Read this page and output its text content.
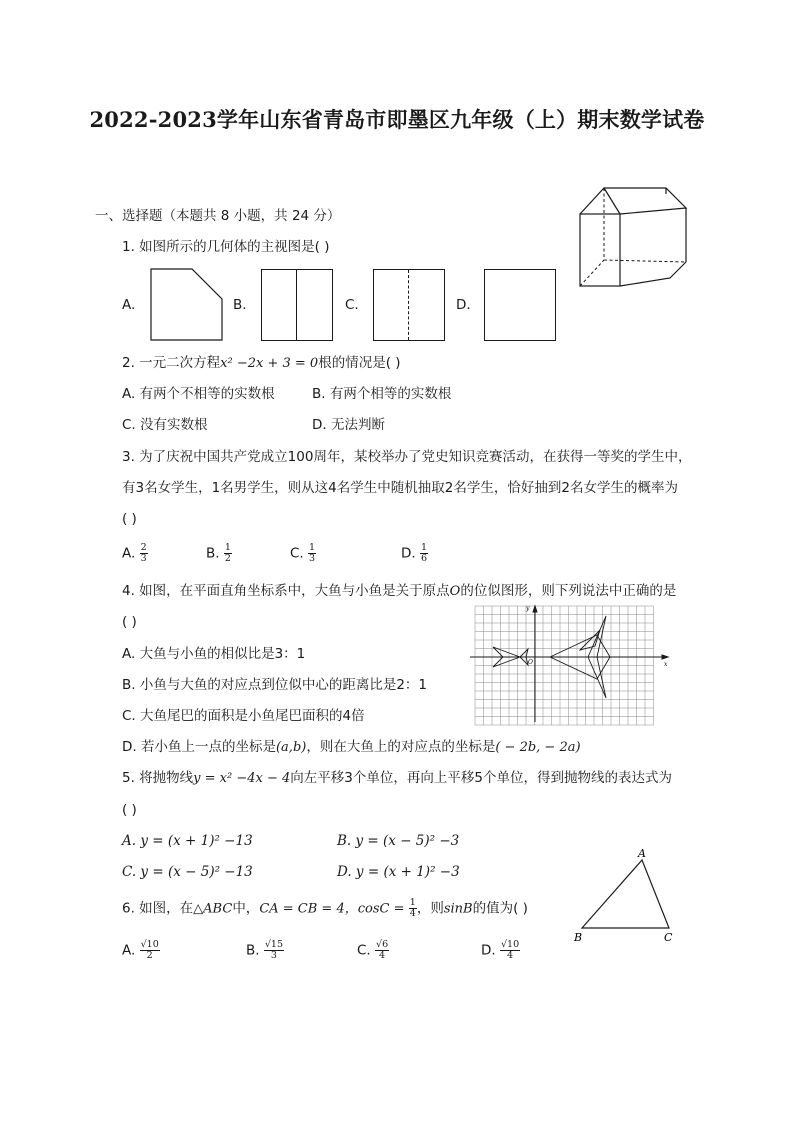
2022-2023学年山东省青岛市即墨区九年级（上）期末数学试卷
一、选择题（本题共 8 小题，共 24 分）
1. 如图所示的几何体的主视图是( )
A.	B.	C.	D.
2. 一元二次方程x² −2x + 3 = 0根的情况是( )
A. 有两个不相等的实数根	B. 有两个相等的实数根
C. 没有实数根	D. 无法判断
3. 为了庆祝中国共产党成立100周年，某校举办了党史知识竞赛活动，在获得一等奖的学生中，
有3名女学生，1名男学生，则从这4名学生中随机抽取2名学生，恰好抽到2名女学生的概率为
( )
A. $\frac{2}{3}$	B. $\frac{1}{2}$	C. $\frac{1}{3}$	D. $\frac{1}{6}$
4. 如图，在平面直角坐标系中，大鱼与小鱼是关于原点O的位似图形，则下列说法中正确的是
( )
A. 大鱼与小鱼的相似比是3：1
B. 小鱼与大鱼的对应点到位似中心的距离比是2：1
C. 大鱼尾巴的面积是小鱼尾巴面积的4倍
D. 若小鱼上一点的坐标是(a,b)，则在大鱼上的对应点的坐标是( − 2b, − 2a)
x
y
O
5. 将抛物线y = x² −4x − 4向左平移3个单位，再向上平移5个单位，得到抛物线的表达式为
( )
A. y = (x + 1)² −13	B. y = (x − 5)² −3
C. y = (x − 5)² −13	D. y = (x + 1)² −3
6. 如图，在△ABC中，CA = CB = 4，$\cos C = \frac{1}{4}$ ，则sinB的值为( )
A. $\frac{√10}{2}$	B. $\frac{√15}{3}$	C. $\frac{√6}{4}$	D. $\frac{√10}{4}$
A
B	C
